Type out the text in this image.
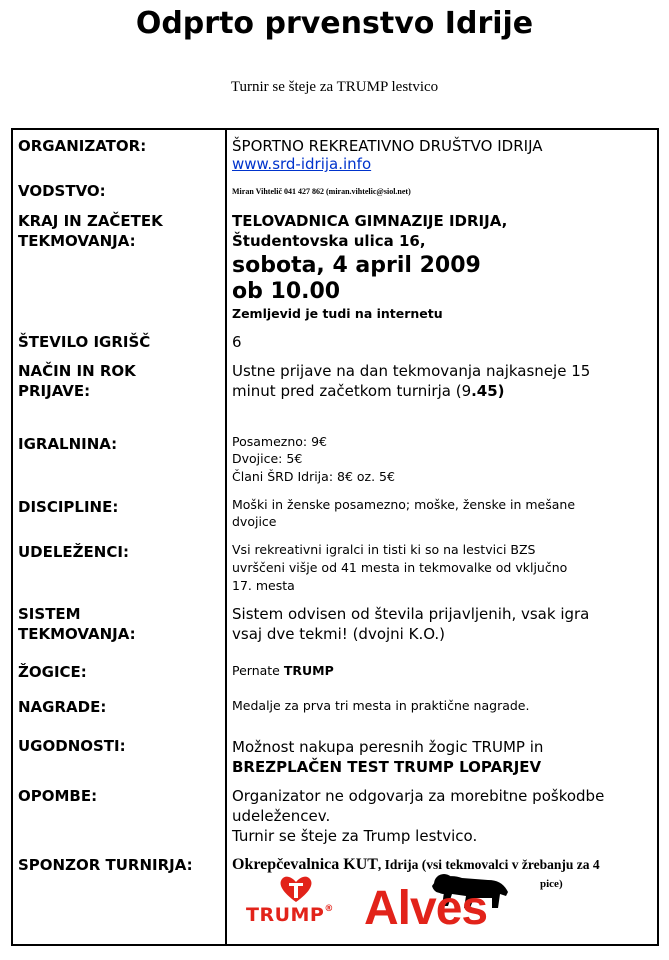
Odprto prvenstvo Idrije
Turnir se šteje za TRUMP lestvico
ORGANIZATOR:
VODSTVO:
KRAJ IN ZAČETEK
TEKMOVANJA:
ŠTEVILO IGRIŠČ
NAČIN IN ROK
PRIJAVE:
IGRALNINA:
DISCIPLINE:
UDELEŽENCI:
SISTEM
TEKMOVANJA:
ŽOGICE:
NAGRADE:
UGODNOSTI:
OPOMBE:
SPONZOR TURNIRJA:
ŠPORTNO REKREATIVNO DRUŠTVO IDRIJA
www.srd-idrija.info
Miran Vihtelič 041 427 862 (miran.vihtelic@siol.net)
TELOVADNICA GIMNAZIJE IDRIJA,
Študentovska ulica 16,
sobota, 4 april 2009
ob 10.00
Zemljevid je tudi na internetu
6
Ustne prijave na dan tekmovanja najkasneje 15
minut pred začetkom turnirja (9.45)
Posamezno: 9€
Dvojice: 5€
Člani ŠRD Idrija: 8€ oz. 5€
Moški in ženske posamezno; moške, ženske in mešane
dvojice
Vsi rekreativni igralci in tisti ki so na lestvici BZS
uvrščeni višje od 41 mesta in tekmovalke od vključno
17. mesta
Sistem odvisen od števila prijavljenih, vsak igra
vsaj dve tekmi! (dvojni K.O.)
Pernate TRUMP
Medalje za prva tri mesta in praktične nagrade.
Možnost nakupa peresnih žogic TRUMP in
BREZPLAČEN TEST TRUMP LOPARJEV
Organizator ne odgovarja za morebitne poškodbe
udeležencev.
Turnir se šteje za Trump lestvico.
Okrepčevalnica KUT, Idrija (vsi tekmovalci v žrebanju za 4
pice)
TRUMP® Alves
